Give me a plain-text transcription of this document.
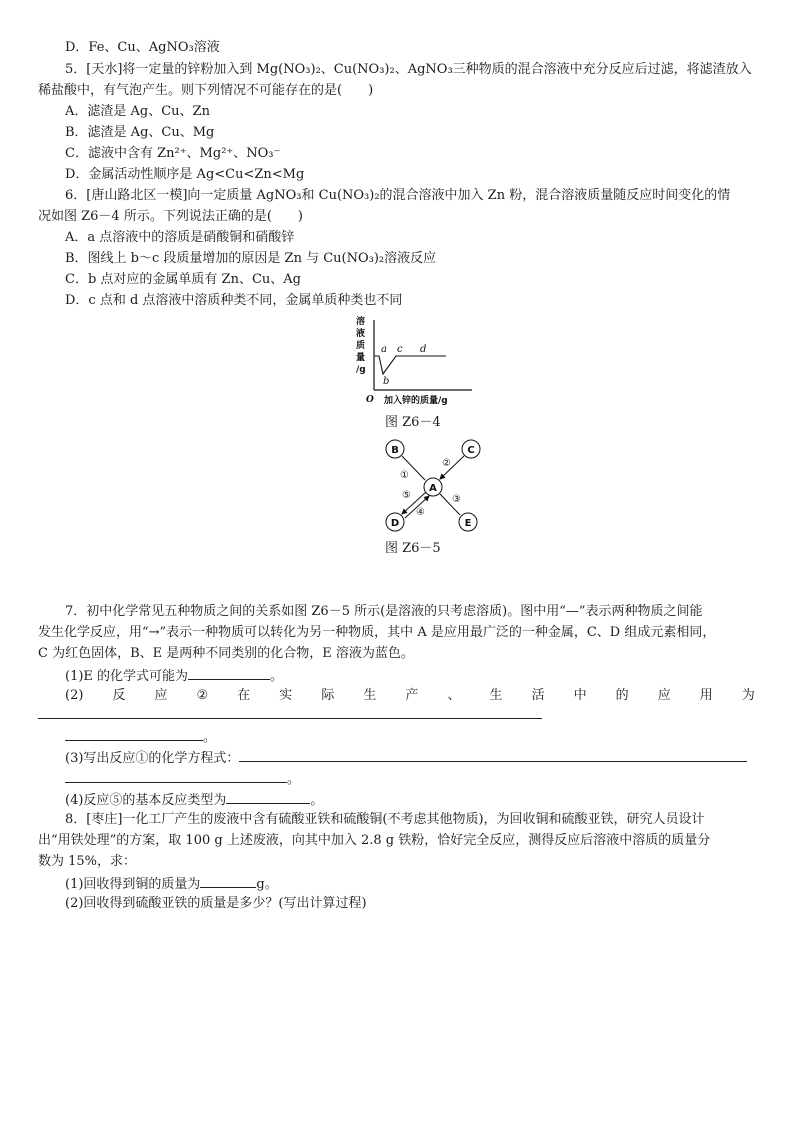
D．Fe、Cu、AgNO₃溶液
5．[天水]将一定量的锌粉加入到 Mg(NO₃)₂、Cu(NO₃)₂、AgNO₃三种物质的混合溶液中充分反应后过滤，将滤渣放入
稀盐酸中，有气泡产生。则下列情况不可能存在的是(　　)
A．滤渣是 Ag、Cu、Zn
B．滤渣是 Ag、Cu、Mg
C．滤液中含有 Zn²⁺、Mg²⁺、NO₃⁻
D．金属活动性顺序是 Ag<Cu<Zn<Mg
6．[唐山路北区一模]向一定质量 AgNO₃和 Cu(NO₃)₂的混合溶液中加入 Zn 粉，混合溶液质量随反应时间变化的情
况如图 Z6－4 所示。下列说法正确的是(　　)
A．a 点溶液中的溶质是硝酸铜和硝酸锌
B．图线上 b～c 段质量增加的原因是 Zn 与 Cu(NO₃)₂溶液反应
C．b 点对应的金属单质有 Zn、Cu、Ag
D．c 点和 d 点溶液中溶质种类不同，金属单质种类也不同
溶
液
质
量
/g
a
b
c d
O 加入锌的质量/g
图 Z6－4
B	C
A
D	E
①
②
③
④
⑤
图 Z6－5
7．初中化学常见五种物质之间的关系如图 Z6－5 所示(是溶液的只考虑溶质)。图中用“—”表示两种物质之间能
发生化学反应，用“→”表示一种物质可以转化为另一种物质，其中 A 是应用最广泛的一种金属，C、D 组成元素相同，
C 为红色固体，B、E 是两种不同类别的化合物，E 溶液为蓝色。
(1)E 的化学式可能为	。
(2) 反 应 ② 在 实 际 生 产 、 生 活 中 的 应 用 为
。
(3)写出反应①的化学方程式：
。
(4)反应⑤的基本反应类型为	。
8．[枣庄]一化工厂产生的废液中含有硫酸亚铁和硫酸铜(不考虑其他物质)，为回收铜和硫酸亚铁，研究人员设计
出“用铁处理”的方案，取 100 g 上述废液，向其中加入 2.8 g 铁粉，恰好完全反应，测得反应后溶液中溶质的质量分
数为 15%，求：
(1)回收得到铜的质量为	g。
(2)回收得到硫酸亚铁的质量是多少？(写出计算过程)
